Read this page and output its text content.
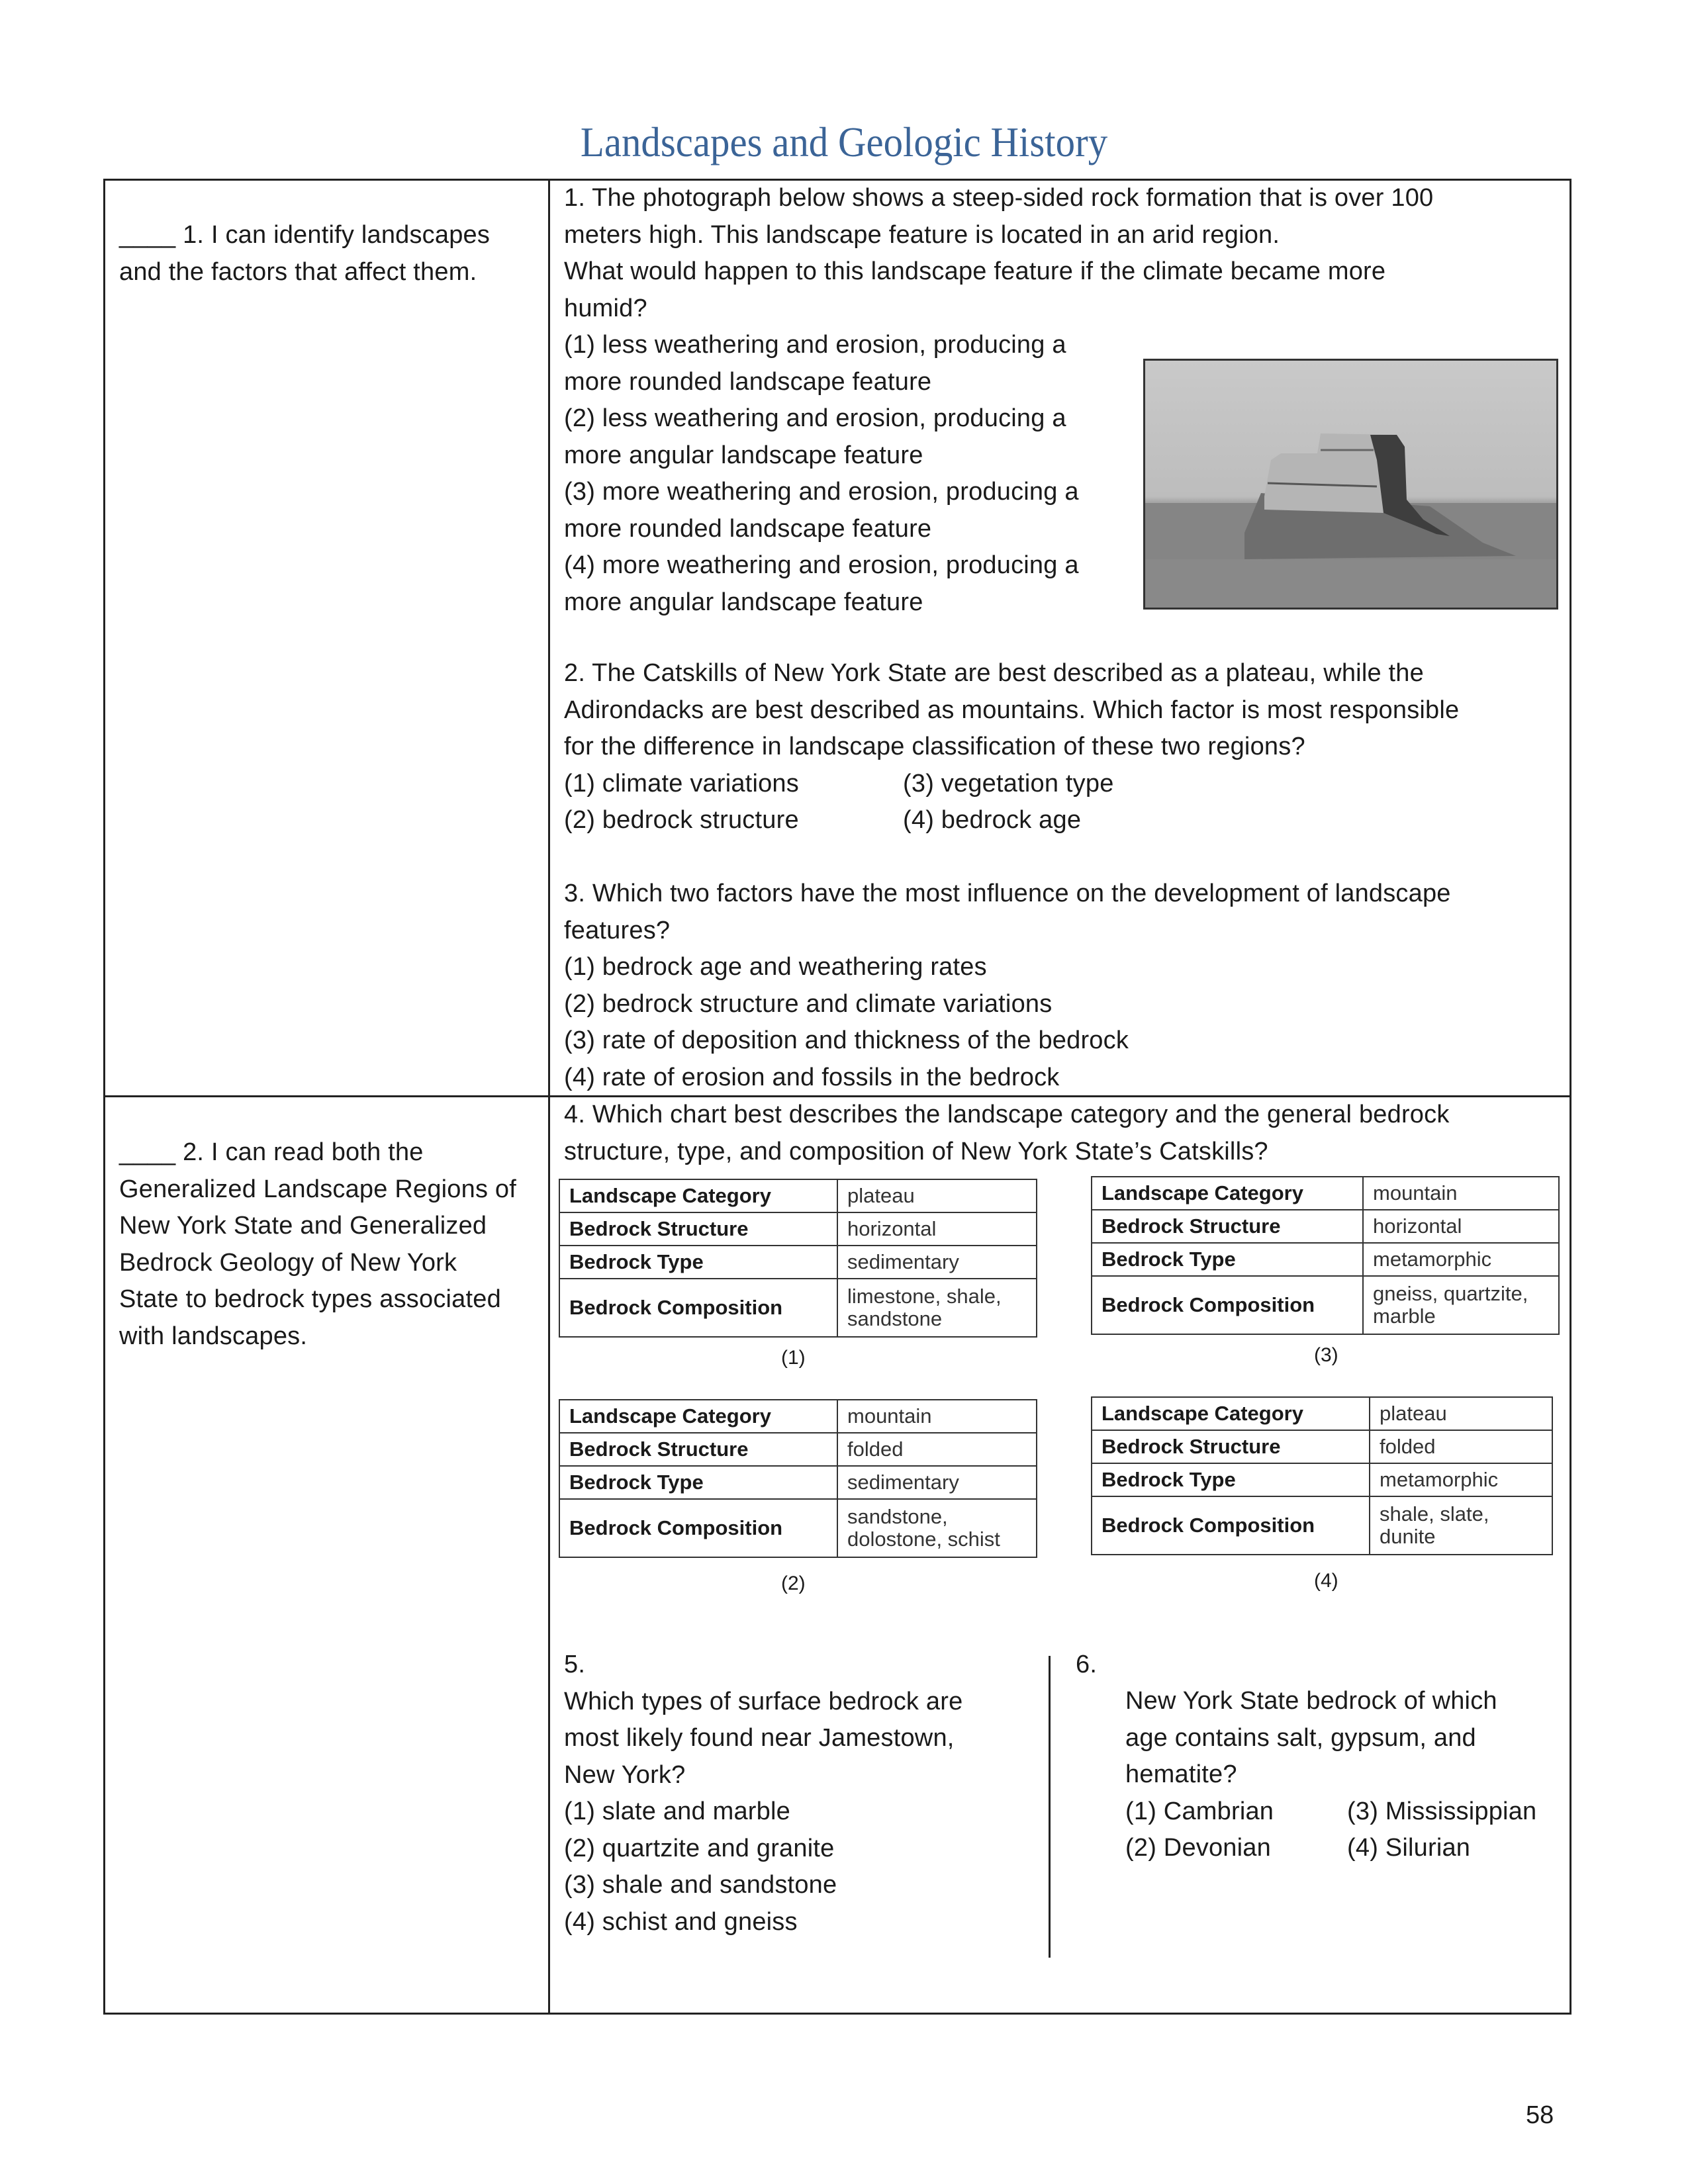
Landscapes and Geologic History
____ 1. I can identify landscapes
and the factors that affect them.
____ 2. I can read both the
Generalized Landscape Regions of
New York State and Generalized
Bedrock Geology of New York
State to bedrock types associated
with landscapes.
1. The photograph below shows a steep-sided rock formation that is over 100
meters high. This landscape feature is located in an arid region.
What would happen to this landscape feature if the climate became more
humid?
(1) less weathering and erosion, producing a
more rounded landscape feature
(2) less weathering and erosion, producing a
more angular landscape feature
(3) more weathering and erosion, producing a
more rounded landscape feature
(4) more weathering and erosion, producing a
more angular landscape feature
2. The Catskills of New York State are best described as a plateau, while the
Adirondacks are best described as mountains. Which factor is most responsible
for the difference in landscape classification of these two regions?
(1) climate variations	(3) vegetation type
(2) bedrock structure	(4) bedrock age
3. Which two factors have the most influence on the development of landscape
features?
(1) bedrock age and weathering rates
(2) bedrock structure and climate variations
(3) rate of deposition and thickness of the bedrock
(4) rate of erosion and fossils in the bedrock
4. Which chart best describes the landscape category and the general bedrock
structure, type, and composition of New York State’s Catskills?
Landscape Category	plateau
Bedrock Structure	horizontal
Bedrock Type	sedimentary
Bedrock Composition	limestone, shale,
sandstone
(1)
Landscape Category	mountain
Bedrock Structure	folded
Bedrock Type	sedimentary
Bedrock Composition	sandstone,
dolostone, schist
(2)
Landscape Category	mountain
Bedrock Structure	horizontal
Bedrock Type	metamorphic
Bedrock Composition	gneiss, quartzite,
marble
(3)
Landscape Category	plateau
Bedrock Structure	folded
Bedrock Type	metamorphic
Bedrock Composition	shale, slate,
dunite
(4)
5.
Which types of surface bedrock are
most likely found near Jamestown,
New York?
(1) slate and marble
(2) quartzite and granite
(3) shale and sandstone
(4) schist and gneiss
6.
New York State bedrock of which
age contains salt, gypsum, and
hematite?
(1) Cambrian	(3) Mississippian
(2) Devonian	(4) Silurian
58
